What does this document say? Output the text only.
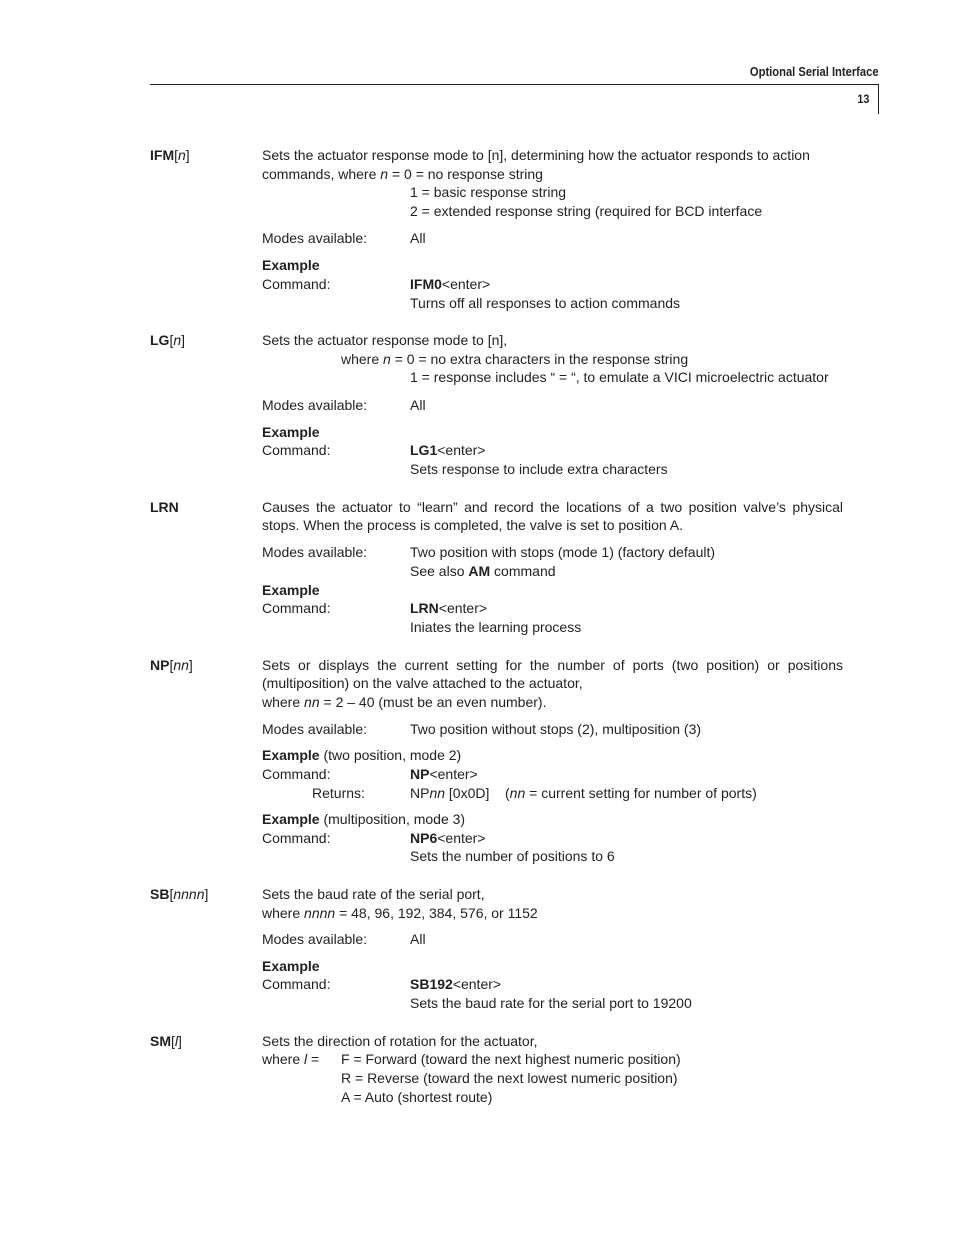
Optional Serial Interface
13
IFM[n]	Sets the actuator response mode to [n], determining how the actuator responds to action
commands, where n = 0 = no response string
1 = basic response string
2 = extended response string (required for BCD interface
Modes available:	All
Example
Command:	IFM0<enter>
Turns off all responses to action commands
LG[n]	Sets the actuator response mode to [n],
where n = 0 = no extra characters in the response string
1 = response includes “ = “, to emulate a VICI microelectric actuator
Modes available:	All
Example
Command:	LG1<enter>
Sets response to include extra characters
LRN	Causes the actuator to “learn” and record the locations of a two position valve’s physical
stops. When the process is completed, the valve is set to position A.
Modes available:	Two position with stops (mode 1) (factory default)
See also AM command
Example
Command:	LRN<enter>
Iniates the learning process
NP[nn]	Sets or displays the current setting for the number of ports (two position) or positions
(multiposition) on the valve attached to the actuator,
where nn = 2 – 40 (must be an even number).
Modes available:	Two position without stops (2), multiposition (3)
Example (two position, mode 2)
Command:	NP<enter>
Returns:	NPnn [0x0D] (nn = current setting for number of ports)
Example (multiposition, mode 3)
Command:	NP6<enter>
Sets the number of positions to 6
SB[nnnn]	Sets the baud rate of the serial port,
where nnnn = 48, 96, 192, 384, 576, or 1152
Modes available:	All
Example
Command:	SB192<enter>
Sets the baud rate for the serial port to 19200
SM[l]	Sets the direction of rotation for the actuator,
where l = F = Forward (toward the next highest numeric position)
R = Reverse (toward the next lowest numeric position)
A = Auto (shortest route)
